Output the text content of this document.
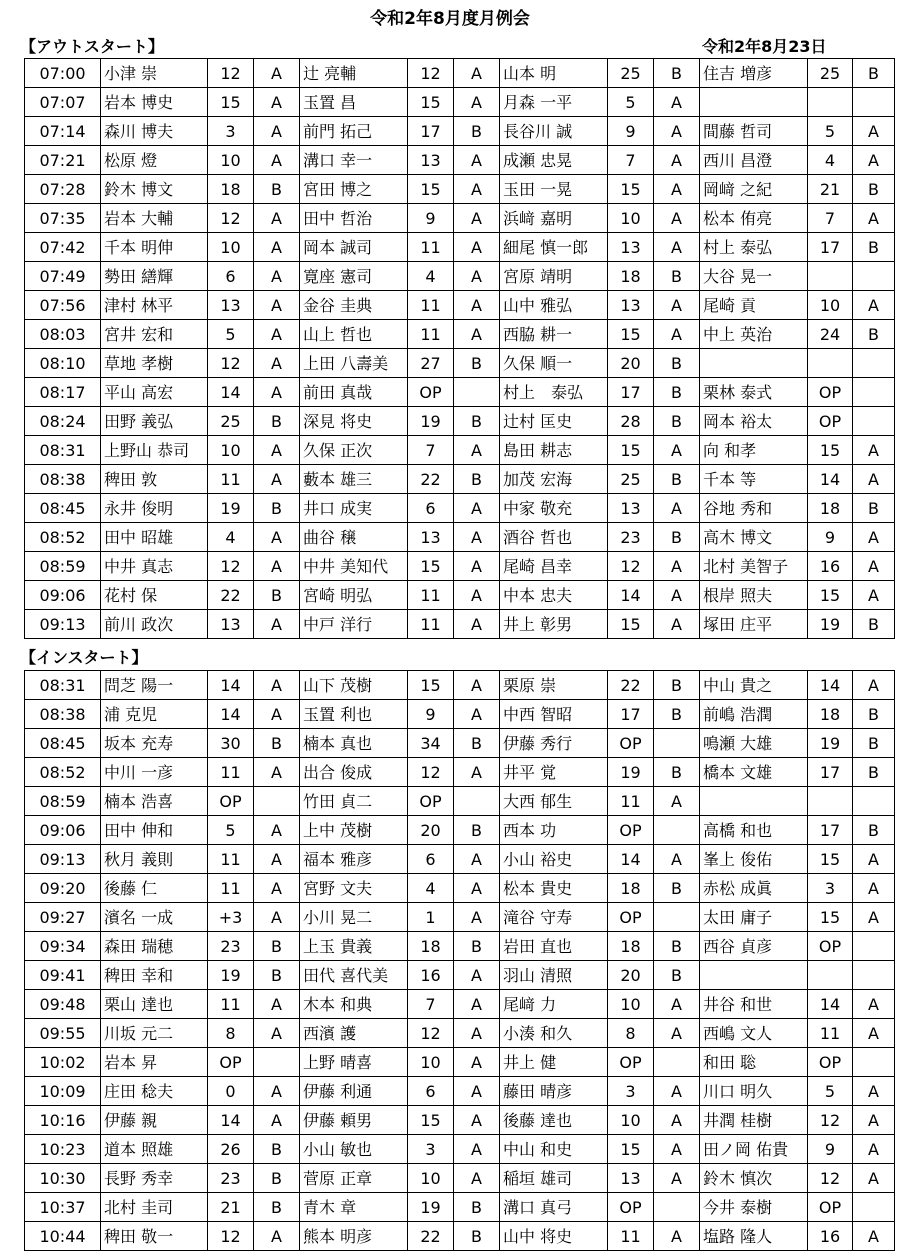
令和2年8月度月例会
【アウトスタート】	令和2年8月23日
07:00	小津 崇	12	A	辻 亮輔	12	A	山本 明	25	B	住吉 増彦	25	B
07:07	岩本 博史	15	A	玉置 昌	15	A	月森 一平	5	A			
07:14	森川 博夫	3	A	前門 拓己	17	B	長谷川 誠	9	A	間藤 哲司	5	A
07:21	松原 燈	10	A	溝口 幸一	13	A	成瀬 忠晃	7	A	西川 昌澄	4	A
07:28	鈴木 博文	18	B	宮田 博之	15	A	玉田 一晃	15	A	岡﨑 之紀	21	B
07:35	岩本 大輔	12	A	田中 哲治	9	A	浜﨑 嘉明	10	A	松本 侑亮	7	A
07:42	千本 明伸	10	A	岡本 誠司	11	A	細尾 慎一郎	13	A	村上 泰弘	17	B
07:49	勢田 繕輝	6	A	寛座 憲司	4	A	宮原 靖明	18	B	大谷 晃一		
07:56	津村 林平	13	A	金谷 圭典	11	A	山中 雅弘	13	A	尾崎 貢	10	A
08:03	宮井 宏和	5	A	山上 哲也	11	A	西脇 耕一	15	A	中上 英治	24	B
08:10	草地 孝樹	12	A	上田 八壽美	27	B	久保 順一	20	B			
08:17	平山 高宏	14	A	前田 真哉	OP		村上　泰弘	17	B	栗林 泰式	OP	
08:24	田野 義弘	25	B	深見 将史	19	B	辻村 匡史	28	B	岡本 裕太	OP	
08:31	上野山 恭司	10	A	久保 正次	7	A	島田 耕志	15	A	向 和孝	15	A
08:38	稗田 敦	11	A	藪本 雄三	22	B	加茂 宏海	25	B	千本 等	14	A
08:45	永井 俊明	19	B	井口 成実	6	A	中家 敬充	13	A	谷地 秀和	18	B
08:52	田中 昭雄	4	A	曲谷 穣	13	A	酒谷 哲也	23	B	高木 博文	9	A
08:59	中井 真志	12	A	中井 美知代	15	A	尾崎 昌幸	12	A	北村 美智子	16	A
09:06	花村 保	22	B	宮崎 明弘	11	A	中本 忠夫	14	A	根岸 照夫	15	A
09:13	前川 政次	13	A	中戸 洋行	11	A	井上 彰男	15	A	塚田 庄平	19	B
【インスタート】
08:31	問芝 陽一	14	A	山下 茂樹	15	A	栗原 崇	22	B	中山 貴之	14	A
08:38	浦 克児	14	A	玉置 利也	9	A	中西 智昭	17	B	前嶋 浩潤	18	B
08:45	坂本 充寿	30	B	楠本 真也	34	B	伊藤 秀行	OP		鳴瀬 大雄	19	B
08:52	中川 一彦	11	A	出合 俊成	12	A	井平 覚	19	B	橋本 文雄	17	B
08:59	楠本 浩喜	OP		竹田 貞二	OP		大西 郁生	11	A			
09:06	田中 伸和	5	A	上中 茂樹	20	B	西本 功	OP		高橋 和也	17	B
09:13	秋月 義則	11	A	福本 雅彦	6	A	小山 裕史	14	A	峯上 俊佑	15	A
09:20	後藤 仁	11	A	宮野 文夫	4	A	松本 貴史	18	B	赤松 成眞	3	A
09:27	濱名 一成	+3	A	小川 晃二	1	A	滝谷 守寿	OP		太田 庸子	15	A
09:34	森田 瑞穂	23	B	上玉 貴義	18	B	岩田 直也	18	B	西谷 貞彦	OP	
09:41	稗田 幸和	19	B	田代 喜代美	16	A	羽山 清照	20	B			
09:48	栗山 達也	11	A	木本 和典	7	A	尾﨑 力	10	A	井谷 和世	14	A
09:55	川坂 元二	8	A	西濱 護	12	A	小湊 和久	8	A	西嶋 文人	11	A
10:02	岩本 昇	OP		上野 晴喜	10	A	井上 健	OP		和田 聡	OP	
10:09	庄田 稔夫	0	A	伊藤 利通	6	A	藤田 晴彦	3	A	川口 明久	5	A
10:16	伊藤 親	14	A	伊藤 頼男	15	A	後藤 達也	10	A	井潤 桂樹	12	A
10:23	道本 照雄	26	B	小山 敏也	3	A	中山 和史	15	A	田ノ岡 佑貴	9	A
10:30	長野 秀幸	23	B	菅原 正章	10	A	稲垣 雄司	13	A	鈴木 慎次	12	A
10:37	北村 圭司	21	B	青木 章	19	B	溝口 真弓	OP		今井 泰樹	OP	
10:44	稗田 敬一	12	A	熊本 明彦	22	B	山中 将史	11	A	塩路 隆人	16	A
